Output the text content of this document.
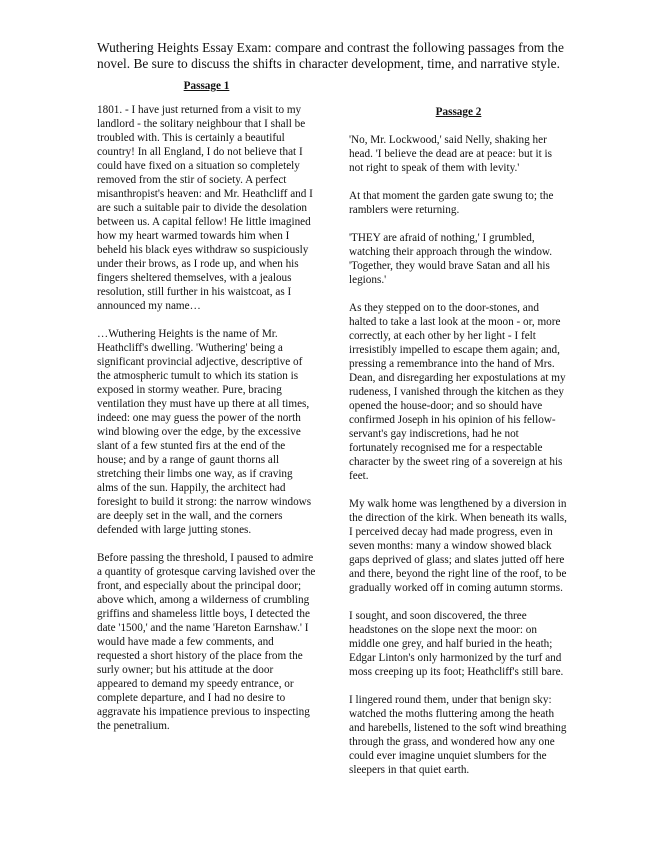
Wuthering Heights Essay Exam: compare and contrast the following passages from the novel. Be sure to discuss the shifts in character development, time, and narrative style.
Passage 1

1801. - I have just returned from a visit to my landlord - the solitary neighbour that I shall be troubled with. This is certainly a beautiful country! In all England, I do not believe that I could have fixed on a situation so completely removed from the stir of society. A perfect misanthropist's heaven: and Mr. Heathcliff and I are such a suitable pair to divide the desolation between us. A capital fellow! He little imagined how my heart warmed towards him when I beheld his black eyes withdraw so suspiciously under their brows, as I rode up, and when his fingers sheltered themselves, with a jealous resolution, still further in his waistcoat, as I announced my name…

…Wuthering Heights is the name of Mr. Heathcliff's dwelling. 'Wuthering' being a significant provincial adjective, descriptive of the atmospheric tumult to which its station is exposed in stormy weather. Pure, bracing ventilation they must have up there at all times, indeed: one may guess the power of the north wind blowing over the edge, by the excessive slant of a few stunted firs at the end of the house; and by a range of gaunt thorns all stretching their limbs one way, as if craving alms of the sun. Happily, the architect had foresight to build it strong: the narrow windows are deeply set in the wall, and the corners defended with large jutting stones.

Before passing the threshold, I paused to admire a quantity of grotesque carving lavished over the front, and especially about the principal door; above which, among a wilderness of crumbling griffins and shameless little boys, I detected the date '1500,' and the name 'Hareton Earnshaw.' I would have made a few comments, and requested a short history of the place from the surly owner; but his attitude at the door appeared to demand my speedy entrance, or complete departure, and I had no desire to aggravate his impatience previous to inspecting the penetralium.

Passage 2

'No, Mr. Lockwood,' said Nelly, shaking her head. 'I believe the dead are at peace: but it is not right to speak of them with levity.'

At that moment the garden gate swung to; the ramblers were returning.

'THEY are afraid of nothing,' I grumbled, watching their approach through the window. 'Together, they would brave Satan and all his legions.'

As they stepped on to the door-stones, and halted to take a last look at the moon - or, more correctly, at each other by her light - I felt irresistibly impelled to escape them again; and, pressing a remembrance into the hand of Mrs. Dean, and disregarding her expostulations at my rudeness, I vanished through the kitchen as they opened the house-door; and so should have confirmed Joseph in his opinion of his fellow-servant's gay indiscretions, had he not fortunately recognised me for a respectable character by the sweet ring of a sovereign at his feet.

My walk home was lengthened by a diversion in the direction of the kirk. When beneath its walls, I perceived decay had made progress, even in seven months: many a window showed black gaps deprived of glass; and slates jutted off here and there, beyond the right line of the roof, to be gradually worked off in coming autumn storms.

I sought, and soon discovered, the three headstones on the slope next the moor: on middle one grey, and half buried in the heath; Edgar Linton's only harmonized by the turf and moss creeping up its foot; Heathcliff's still bare.

I lingered round them, under that benign sky: watched the moths fluttering among the heath and harebells, listened to the soft wind breathing through the grass, and wondered how any one could ever imagine unquiet slumbers for the sleepers in that quiet earth.
